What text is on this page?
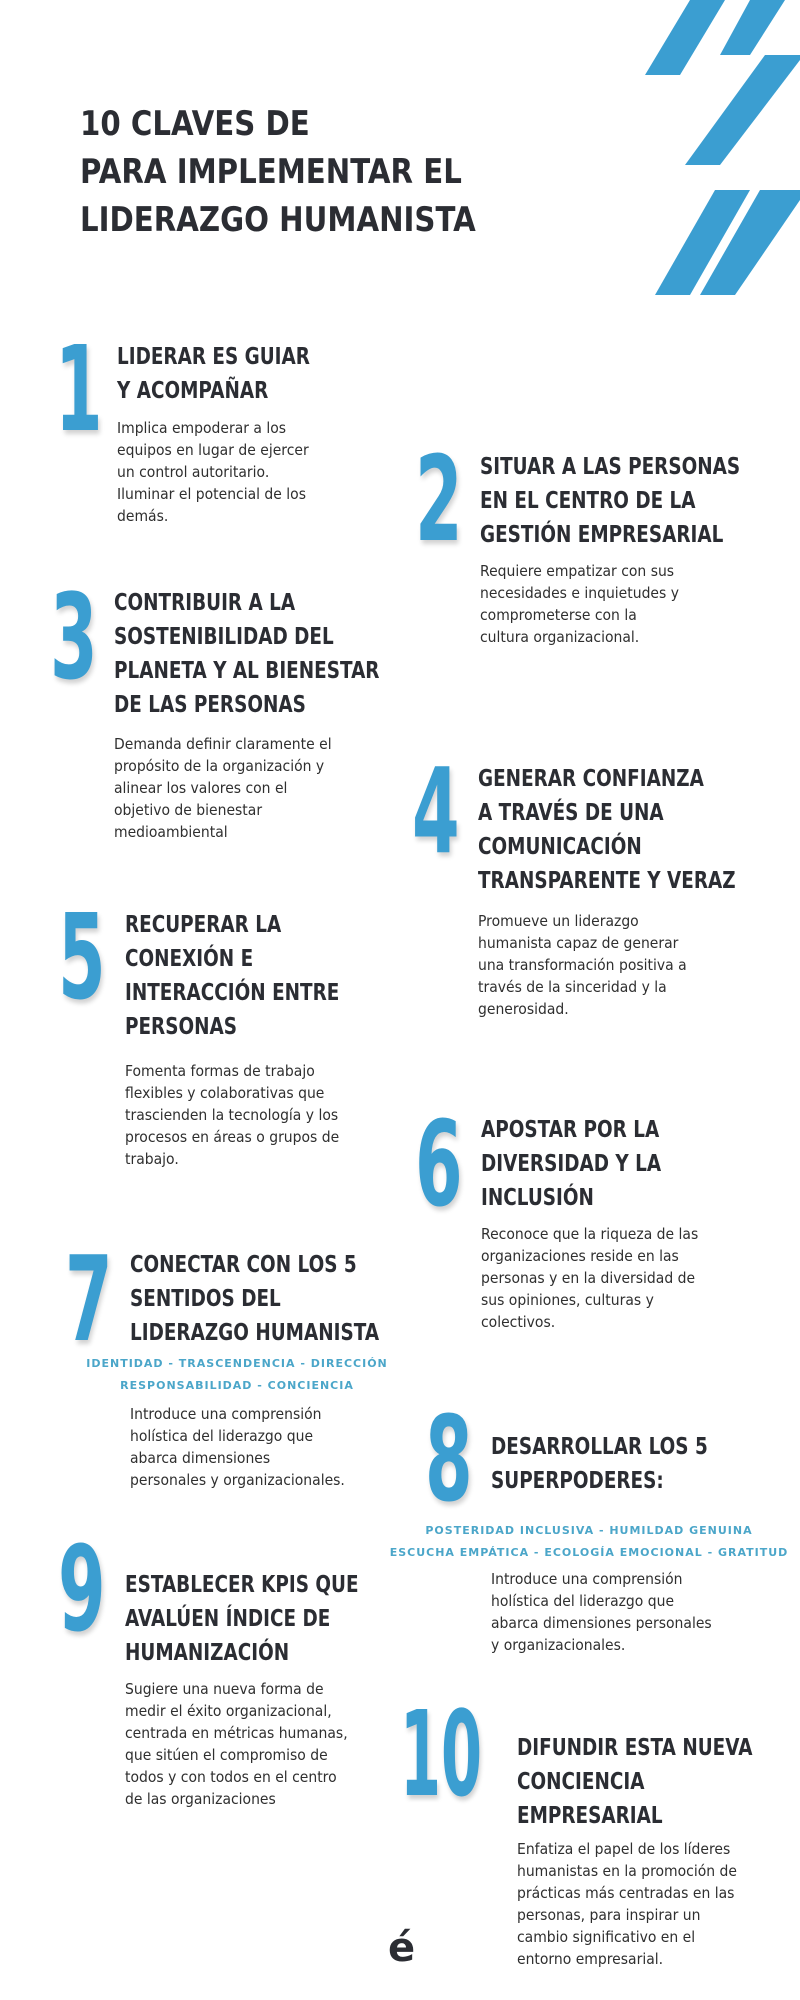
10 CLAVES DE
PARA IMPLEMENTAR EL
LIDERAZGO HUMANISTA
1 LIDERAR ES GUIAR
Y ACOMPAÑAR
Implica empoderar a los
equipos en lugar de ejercer
un control autoritario.
Iluminar el potencial de los
demás.	2 SITUAR A LAS PERSONAS
EN EL CENTRO DE LA
GESTIÓN EMPRESARIAL
Requiere empatizar con sus
necesidades e inquietudes y
comprometerse con la
cultura organizacional.
3 CONTRIBUIR A LA
SOSTENIBILIDAD DEL
PLANETA Y AL BIENESTAR
DE LAS PERSONAS
Demanda definir claramente el
propósito de la organización y
alinear los valores con el
objetivo de bienestar
medioambiental	4 GENERAR CONFIANZA
A TRAVÉS DE UNA
COMUNICACIÓN
TRANSPARENTE Y VERAZ
Promueve un liderazgo
humanista capaz de generar
una transformación positiva a
través de la sinceridad y la
generosidad.
5 RECUPERAR LA
CONEXIÓN E
INTERACCIÓN ENTRE
PERSONAS
Fomenta formas de trabajo
flexibles y colaborativas que
trascienden la tecnología y los
procesos en áreas o grupos de
trabajo.	6 APOSTAR POR LA
DIVERSIDAD Y LA
INCLUSIÓN
Reconoce que la riqueza de las
organizaciones reside en las
personas y en la diversidad de
sus opiniones, culturas y
colectivos.
7 CONECTAR CON LOS 5
SENTIDOS DEL
LIDERAZGO HUMANISTA
IDENTIDAD - TRASCENDENCIA - DIRECCIÓN
RESPONSABILIDAD - CONCIENCIA
Introduce una comprensión
holística del liderazgo que
abarca dimensiones
personales y organizacionales. 8 DESARROLLAR LOS 5
SUPERPODERES:
POSTERIDAD INCLUSIVA - HUMILDAD GENUINA
ESCUCHA EMPÁTICA - ECOLOGÍA EMOCIONAL - GRATITUD
Introduce una comprensión
holística del liderazgo que
abarca dimensiones personales
y organizacionales.
9 ESTABLECER KPIS QUE
AVALÚEN ÍNDICE DE
HUMANIZACIÓN
Sugiere una nueva forma de
medir el éxito organizacional,
centrada en métricas humanas,
que sitúen el compromiso de
todos y con todos en el centro
de las organizaciones	10 DIFUNDIR ESTA NUEVA
CONCIENCIA
EMPRESARIAL
Enfatiza el papel de los líderes
humanistas en la promoción de
prácticas más centradas en las
personas, para inspirar un
cambio significativo en el
entorno empresarial.
é
